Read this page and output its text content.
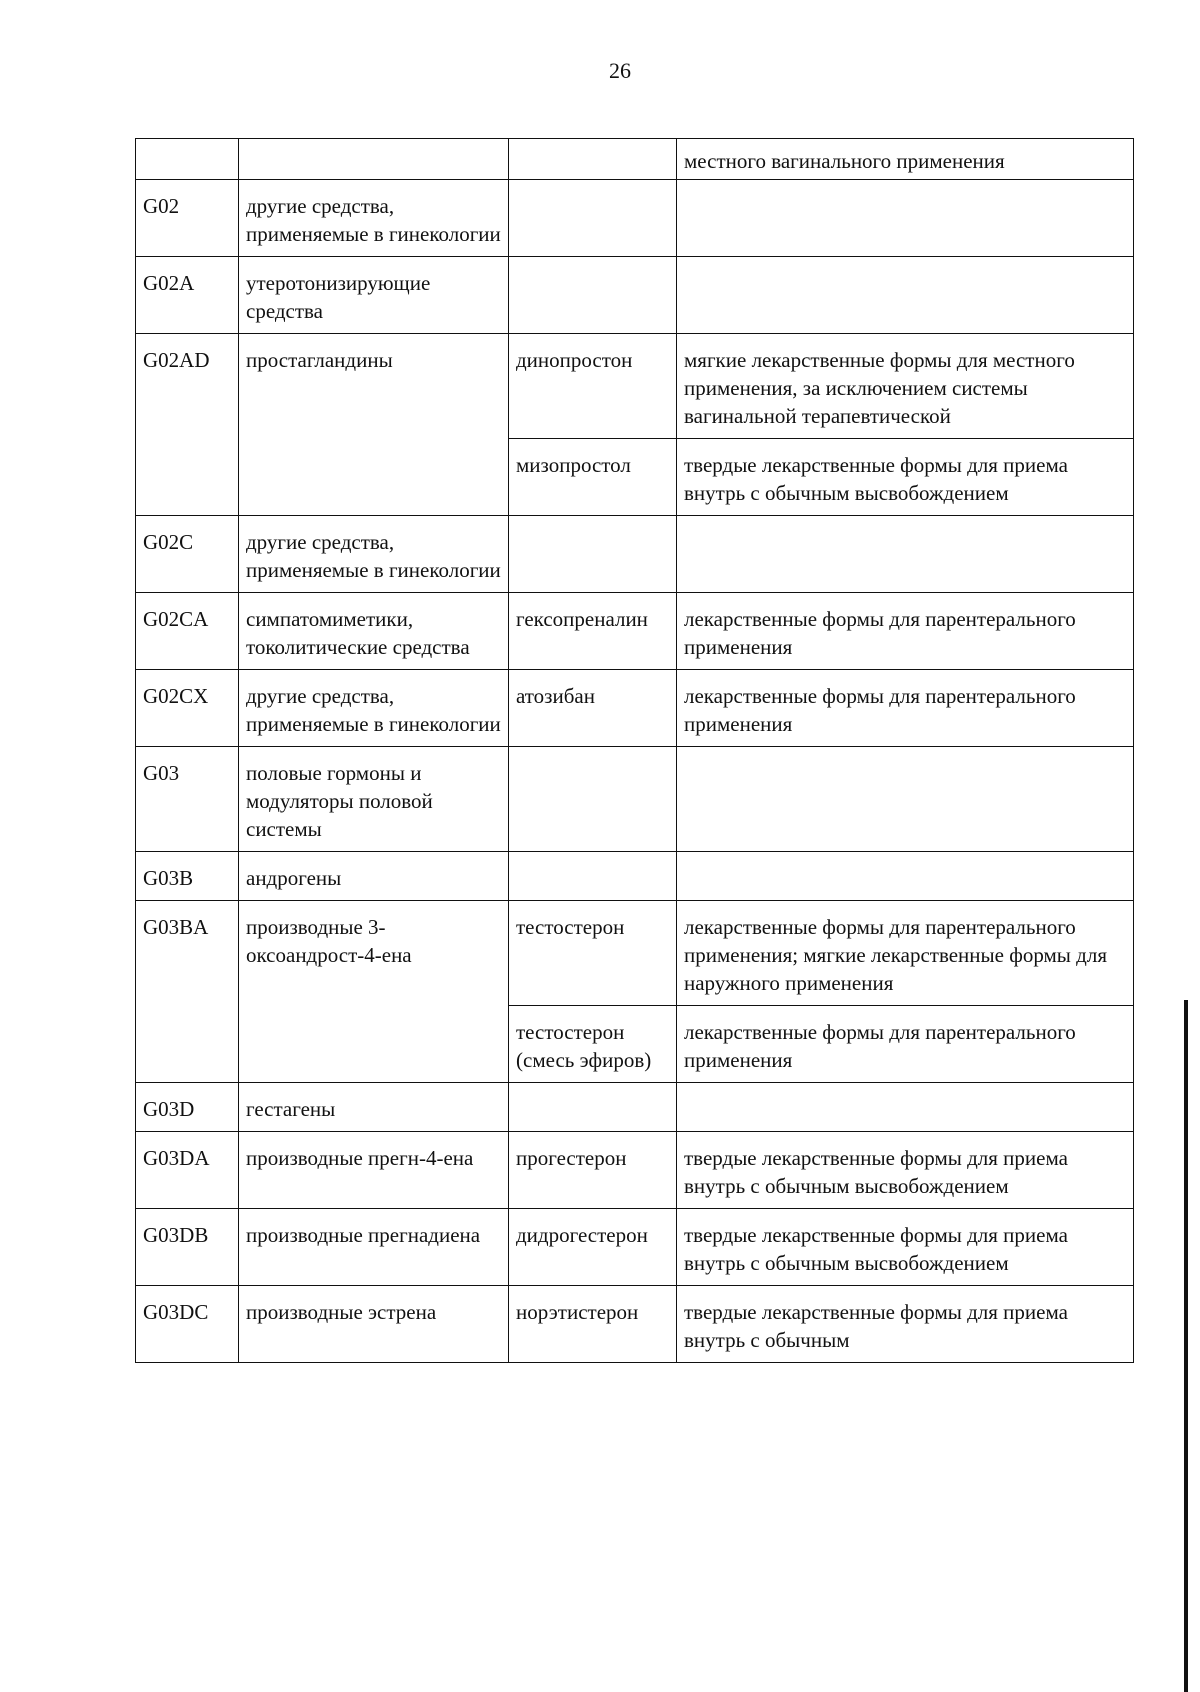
26
			местного вагинального применения
G02	другие средства, применяемые в гинекологии		
G02A	утеротонизирующие средства		
G02AD	простагландины	динопростон	мягкие лекарственные формы для местного применения, за исключением системы вагинальной терапевтической
		мизопростол	твердые лекарственные формы для приема внутрь с обычным высвобождением
G02C	другие средства, применяемые в гинекологии		
G02CA	симпатомиметики, токолитические средства	гексопреналин	лекарственные формы для парентерального применения
G02CX	другие средства, применяемые в гинекологии	атозибан	лекарственные формы для парентерального применения
G03	половые гормоны и модуляторы половой системы		
G03B	андрогены		
G03BA	производные 3-оксоандрост-4-ена	тестостерон	лекарственные формы для парентерального применения; мягкие лекарственные формы для наружного применения
		тестостерон (смесь эфиров)	лекарственные формы для парентерального применения
G03D	гестагены		
G03DA	производные прегн-4-ена	прогестерон	твердые лекарственные формы для приема внутрь с обычным высвобождением
G03DB	производные прегнадиена	дидрогестерон	твердые лекарственные формы для приема внутрь с обычным высвобождением
G03DC	производные эстрена	норэтистерон	твердые лекарственные формы для приема внутрь с обычным
